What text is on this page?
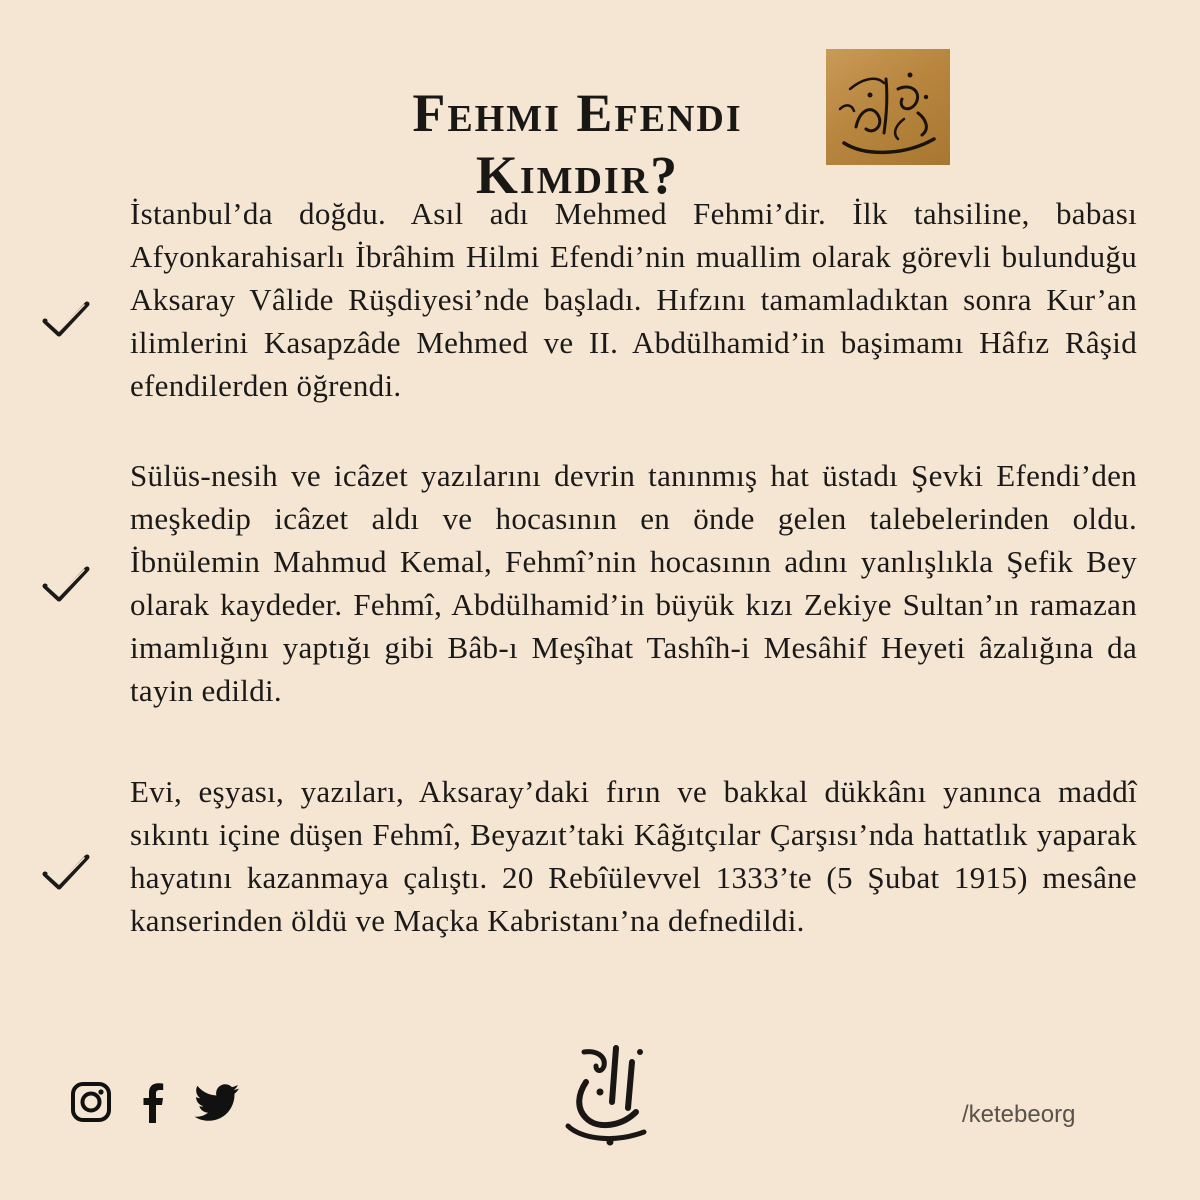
Fehmi Efendi
Kimdir?

İstanbul’da doğdu. Asıl adı Mehmed Fehmi’dir. İlk tahsiline, babası Afyonkarahisarlı İbrâhim Hilmi Efendi’nin muallim olarak görevli bulunduğu Aksaray Vâlide Rüşdiyesi’nde başladı. Hıfzını tamamladıktan sonra Kur’an ilimlerini Kasapzâde Mehmed ve II. Abdülhamid’in başimamı Hâfız Râşid efendilerden öğrendi.

Sülüs-nesih ve icâzet yazılarını devrin tanınmış hat üstadı Şevki Efendi’den meşkedip icâzet aldı ve hocasının en önde gelen talebelerinden oldu. İbnülemin Mahmud Kemal, Fehmî’nin hocasının adını yanlışlıkla Şefik Bey olarak kaydeder. Fehmî, Abdülhamid’in büyük kızı Zekiye Sultan’ın ramazan imamlığını yaptığı gibi Bâb-ı Meşîhat Tashîh-i Mesâhif Heyeti âzalığına da tayin edildi.

Evi, eşyası, yazıları, Aksaray’daki fırın ve bakkal dükkânı yanınca maddî sıkıntı içine düşen Fehmî, Beyazıt’taki Kâğıtçılar Çarşısı’nda hattatlık yaparak hayatını kazanmaya çalıştı. 20 Rebîülevvel 1333’te (5 Şubat 1915) mesâne kanserinden öldü ve Maçka Kabristanı’na defnedildi.

/ketebeorg
